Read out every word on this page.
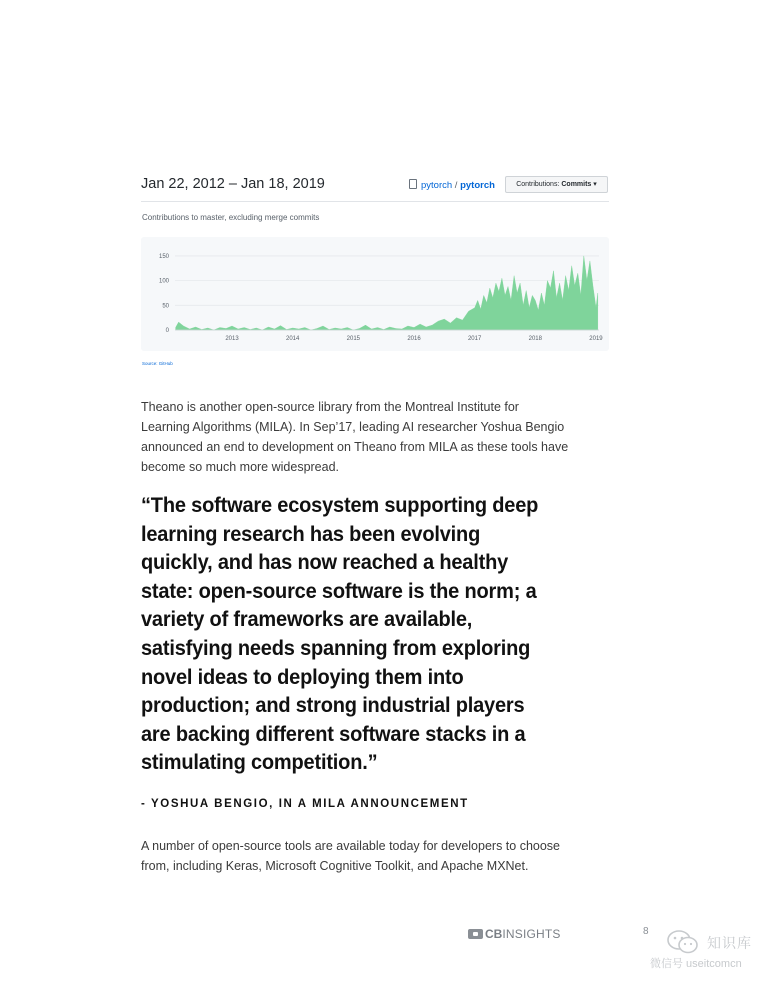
Jan 22, 2012 – Jan 18, 2019	pytorch / pytorch	Contributions: Commits ▾
Contributions to master, excluding merge commits
0
50
100
150
2013	2014	2015	2016	2017	2018	2019
Source: GitHub
Theano is another open-source library from the Montreal Institute for Learning Algorithms (MILA). In Sep’17, leading AI researcher Yoshua Bengio announced an end to development on Theano from MILA as these tools have become so much more widespread.
“The software ecosystem supporting deep learning research has been evolving quickly, and has now reached a healthy state: open-source software is the norm; a variety of frameworks are available, satisfying needs spanning from exploring novel ideas to deploying them into production; and strong industrial players are backing different software stacks in a stimulating competition.”
- YOSHUA BENGIO, IN A MILA ANNOUNCEMENT
A number of open-source tools are available today for developers to choose from, including Keras, Microsoft Cognitive Toolkit, and Apache MXNet.
CBINSIGHTS	8
知识库
微信号 useitcomcn
